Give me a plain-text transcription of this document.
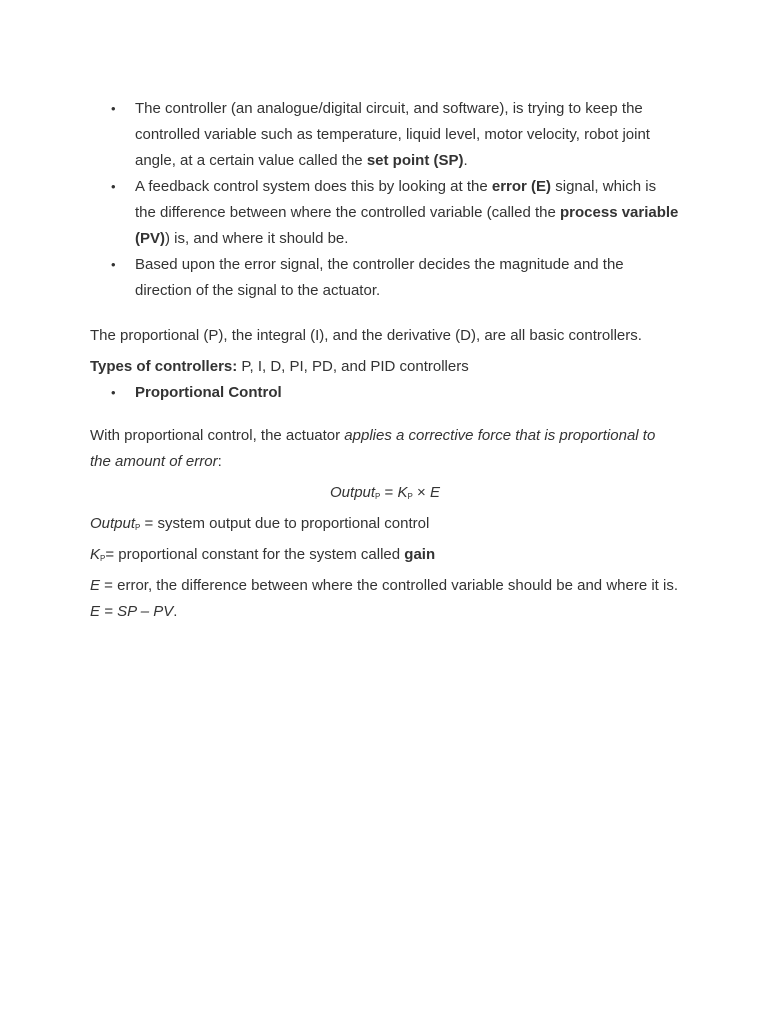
• The controller (an analogue/digital circuit, and software), is trying to keep the controlled variable such as temperature, liquid level, motor velocity, robot joint angle, at a certain value called the set point (SP).
• A feedback control system does this by looking at the error (E) signal, which is the difference between where the controlled variable (called the process variable (PV)) is, and where it should be.
• Based upon the error signal, the controller decides the magnitude and the direction of the signal to the actuator.

The proportional (P), the integral (I), and the derivative (D), are all basic controllers.

Types of controllers: P, I, D, PI, PD, and PID controllers

• Proportional Control

With proportional control, the actuator applies a corrective force that is proportional to the amount of error:

Output$_P$ = $K_P \times E$

Output$_P$ = system output due to proportional control

$K_P=$ proportional constant for the system called gain

E = error, the difference between where the controlled variable should be and where it is. E = SP – PV.
